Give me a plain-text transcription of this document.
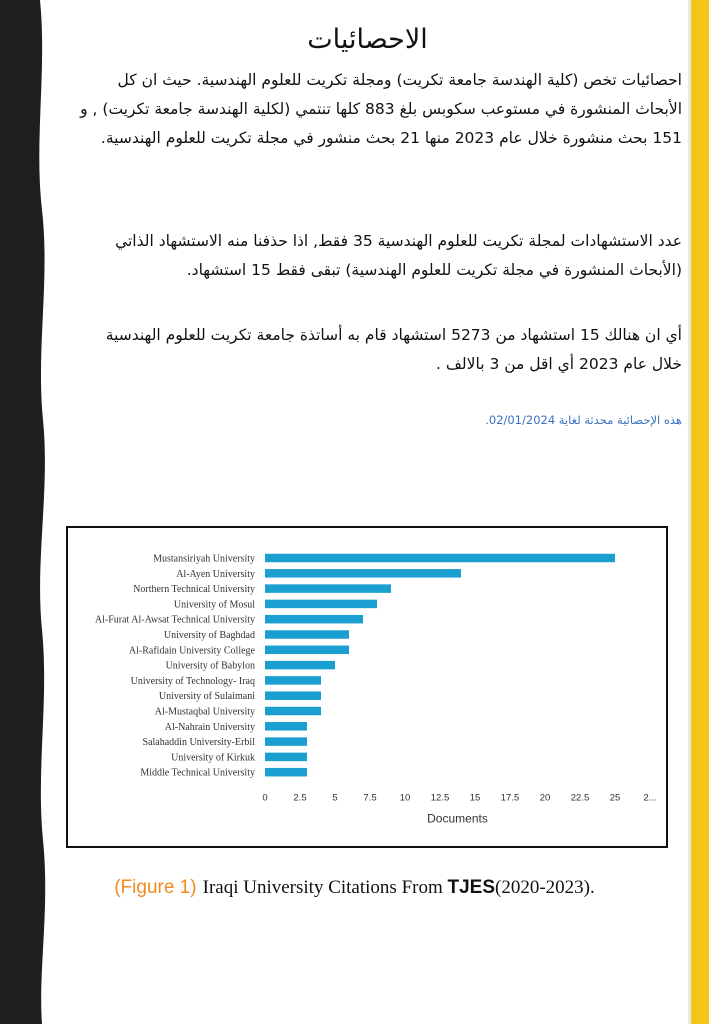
الاحصائيات

احصائيات تخص (كلية الهندسة جامعة تكريت) ومجلة تكريت للعلوم الهندسية. حيث ان كل الأبحاث المنشورة في مستوعب سكوبس بلغ 883 كلها تنتمي (لكلية الهندسة جامعة تكريت) , و 151 بحث منشورة خلال عام 2023 منها 21 بحث منشور في مجلة تكريت للعلوم الهندسية.

عدد الاستشهادات لمجلة تكريت للعلوم الهندسية 35 فقط, اذا حذفنا منه الاستشهاد الذاتي (الأبحاث المنشورة في مجلة تكريت للعلوم الهندسية) تبقى فقط 15 استشهاد.

أي ان هنالك 15 استشهاد من 5273 استشهاد قام به أساتذة جامعة تكريت للعلوم الهندسية خلال عام 2023 أي اقل من 3 بالالف .

هذه الإحصائية محدثة لغاية 02/01/2024.
Mustansiriyah University
Al-Ayen University
Northern Technical University
University of Mosul
Al-Furat Al-Awsat Technical University
University of Baghdad
Al-Rafidain University College
University of Babylon
University of Technology- Iraq
University of Sulaimani
Al-Mustaqbal University
Al-Nahrain University
Salahaddin University-Erbil
University of Kirkuk
Middle Technical University
0	2.5	5	7.5 10 12.5 15 17.5 20 22.5 25 2...
Documents
(Figure 1) Iraqi University Citations From TJES(2020-2023).
